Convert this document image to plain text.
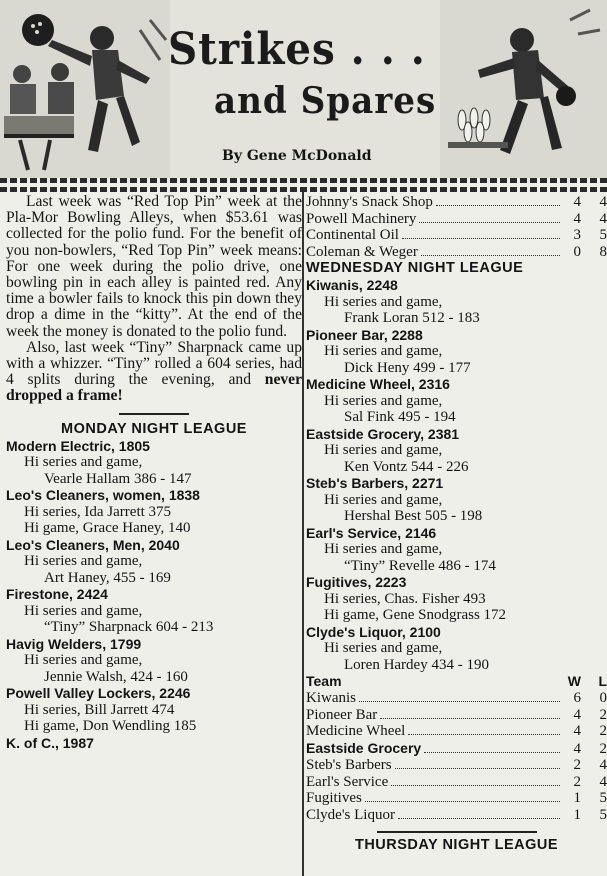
Strikes . . .
and Spares
By Gene McDonald

Last week was “Red Top Pin” week at the Pla-Mor Bowling Alleys, when $53.61 was collected for the polio fund. For the benefit of you non-bowlers, “Red Top Pin” week means: For one week during the polio drive, one bowling pin in each alley is painted red. Any time a bowler fails to knock this pin down they drop a dime in the “kitty”. At the end of the week the money is donated to the polio fund.

Also, last week “Tiny” Sharpnack came up with a whizzer. “Tiny” rolled a 604 series, had 4 splits during the evening, and never dropped a frame!

MONDAY NIGHT LEAGUE
Modern Electric, 1805
Hi series and game,
Vearle Hallam 386 - 147
Leo's Cleaners, women, 1838
Hi series, Ida Jarrett 375
Hi game, Grace Haney, 140
Leo's Cleaners, Men, 2040
Hi series and game,
Art Haney, 455 - 169
Firestone, 2424
Hi series and game,
“Tiny” Sharpnack 604 - 213
Havig Welders, 1799
Hi series and game,
Jennie Walsh, 424 - 160
Powell Valley Lockers, 2246
Hi series, Bill Jarrett 474
Hi game, Don Wendling 185
K. of C., 1987
Johnny's Snack Shop	4	4
Powell Machinery	4	4
Continental Oil	3	5
Coleman & Weger	0	8
WEDNESDAY NIGHT LEAGUE
Kiwanis, 2248
Hi series and game,
Frank Loran 512 - 183
Pioneer Bar, 2288
Hi series and game,
Dick Heny 499 - 177
Medicine Wheel, 2316
Hi series and game,
Sal Fink 495 - 194
Eastside Grocery, 2381
Hi series and game,
Ken Vontz 544 - 226
Steb's Barbers, 2271
Hi series and game,
Hershal Best 505 - 198
Earl's Service, 2146
Hi series and game,
“Tiny” Revelle 486 - 174
Fugitives, 2223
Hi series, Chas. Fisher 493
Hi game, Gene Snodgrass 172
Clyde's Liquor, 2100
Hi series and game,
Loren Hardey 434 - 190
Team	W	L
Kiwanis	6	0
Pioneer Bar	4	2
Medicine Wheel	4	2
Eastside Grocery	4	2
Steb's Barbers	2	4
Earl's Service	2	4
Fugitives	1	5
Clyde's Liquor	1	5
THURSDAY NIGHT LEAGUE
